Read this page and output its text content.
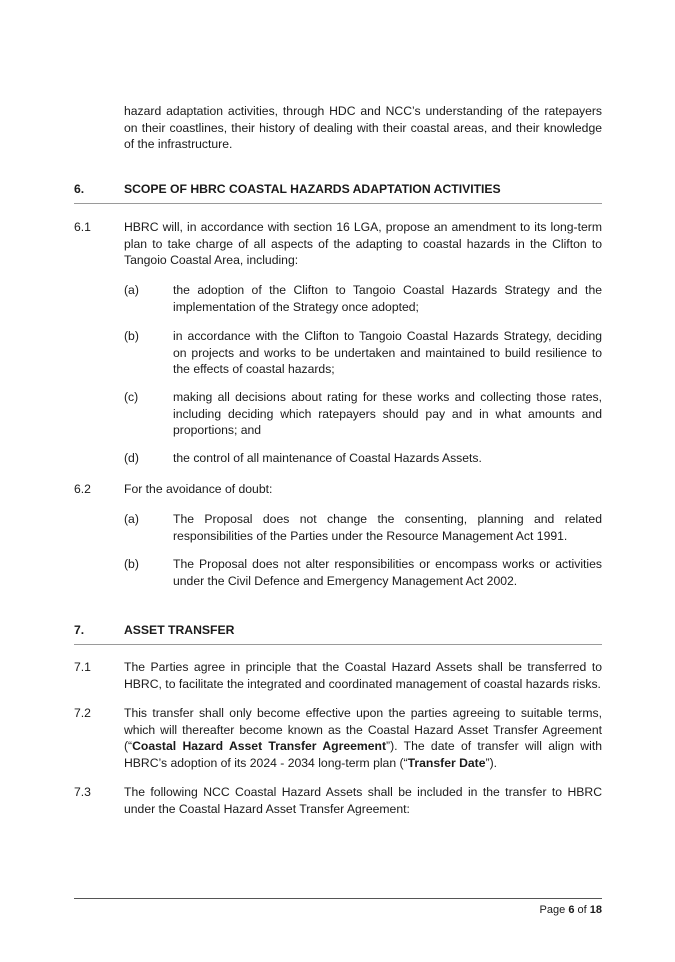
hazard adaptation activities, through HDC and NCC’s understanding of the ratepayers on their coastlines, their history of dealing with their coastal areas, and their knowledge of the infrastructure.

6.	SCOPE OF HBRC COASTAL HAZARDS ADAPTATION ACTIVITIES

6.1	HBRC will, in accordance with section 16 LGA, propose an amendment to its long-term plan to take charge of all aspects of the adapting to coastal hazards in the Clifton to Tangoio Coastal Area, including:

(a)	the adoption of the Clifton to Tangoio Coastal Hazards Strategy and the implementation of the Strategy once adopted;

(b)	in accordance with the Clifton to Tangoio Coastal Hazards Strategy, deciding on projects and works to be undertaken and maintained to build resilience to the effects of coastal hazards;

(c)	making all decisions about rating for these works and collecting those rates, including deciding which ratepayers should pay and in what amounts and proportions; and

(d)	the control of all maintenance of Coastal Hazards Assets.

6.2	For the avoidance of doubt:

(a)	The Proposal does not change the consenting, planning and related responsibilities of the Parties under the Resource Management Act 1991.

(b)	The Proposal does not alter responsibilities or encompass works or activities under the Civil Defence and Emergency Management Act 2002.

7.	ASSET TRANSFER

7.1	The Parties agree in principle that the Coastal Hazard Assets shall be transferred to HBRC, to facilitate the integrated and coordinated management of coastal hazards risks.

7.2	This transfer shall only become effective upon the parties agreeing to suitable terms, which will thereafter become known as the Coastal Hazard Asset Transfer Agreement (“Coastal Hazard Asset Transfer Agreement”). The date of transfer will align with HBRC’s adoption of its 2024 - 2034 long-term plan (“Transfer Date”).

7.3	The following NCC Coastal Hazard Assets shall be included in the transfer to HBRC under the Coastal Hazard Asset Transfer Agreement:

Page 6 of 18
